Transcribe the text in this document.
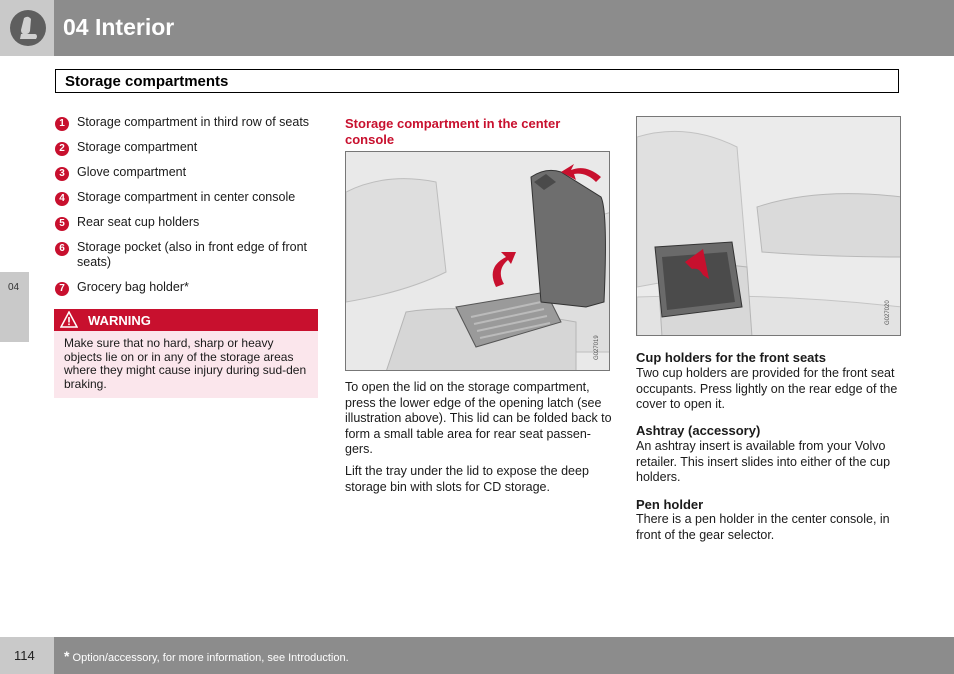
04 Interior
Storage compartments
04
1 Storage compartment in third row of seats
2 Storage compartment
3 Glove compartment
4 Storage compartment in center console
5 Rear seat cup holders
6 Storage pocket (also in front edge of front seats)
7 Grocery bag holder*
WARNING
Make sure that no hard, sharp or heavy objects lie on or in any of the storage areas where they might cause injury during sud-den braking.
Storage compartment in the center console
G027019
To open the lid on the storage compartment, press the lower edge of the opening latch (see illustration above). This lid can be folded back to form a small table area for rear seat passen-gers.
Lift the tray under the lid to expose the deep storage bin with slots for CD storage.
G027020
Cup holders for the front seats
Two cup holders are provided for the front seat occupants. Press lightly on the rear edge of the cover to open it.
Ashtray (accessory)
An ashtray insert is available from your Volvo retailer. This insert slides into either of the cup holders.
Pen holder
There is a pen holder in the center console, in front of the gear selector.
114 * Option/accessory, for more information, see Introduction.
